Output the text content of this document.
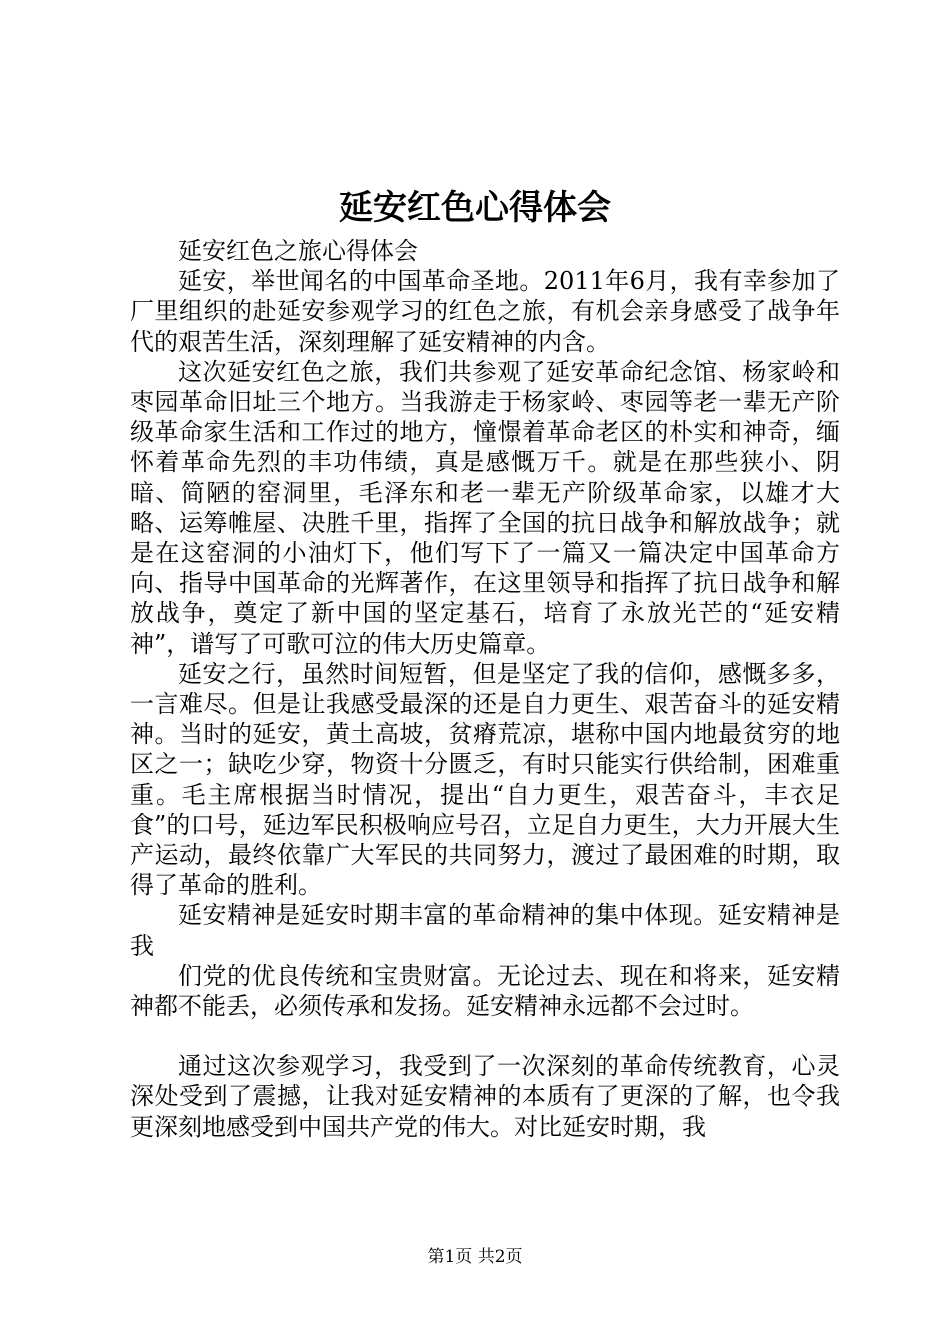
延安红色心得体会

延安红色之旅心得体会

延安，举世闻名的中国革命圣地。2011年6月，我有幸参加了厂里组织的赴延安参观学习的红色之旅，有机会亲身感受了战争年代的艰苦生活，深刻理解了延安精神的内含。

这次延安红色之旅，我们共参观了延安革命纪念馆、杨家岭和枣园革命旧址三个地方。当我游走于杨家岭、枣园等老一辈无产阶级革命家生活和工作过的地方，憧憬着革命老区的朴实和神奇，缅怀着革命先烈的丰功伟绩，真是感慨万千。就是在那些狭小、阴暗、简陋的窑洞里，毛泽东和老一辈无产阶级革命家，以雄才大略、运筹帷屋、决胜千里，指挥了全国的抗日战争和解放战争；就是在这窑洞的小油灯下，他们写下了一篇又一篇决定中国革命方向、指导中国革命的光辉著作，在这里领导和指挥了抗日战争和解放战争，奠定了新中国的坚定基石，培育了永放光芒的“延安精神”，谱写了可歌可泣的伟大历史篇章。

延安之行，虽然时间短暂，但是坚定了我的信仰，感慨多多，一言难尽。但是让我感受最深的还是自力更生、艰苦奋斗的延安精神。当时的延安，黄土高坡，贫瘠荒凉，堪称中国内地最贫穷的地区之一；缺吃少穿，物资十分匮乏，有时只能实行供给制，困难重重。毛主席根据当时情况，提出“自力更生，艰苦奋斗，丰衣足食”的口号，延边军民积极响应号召，立足自力更生，大力开展大生产运动，最终依靠广大军民的共同努力，渡过了最困难的时期，取得了革命的胜利。

延安精神是延安时期丰富的革命精神的集中体现。延安精神是我

们党的优良传统和宝贵财富。无论过去、现在和将来，延安精神都不能丢，必须传承和发扬。延安精神永远都不会过时。

通过这次参观学习，我受到了一次深刻的革命传统教育，心灵深处受到了震撼，让我对延安精神的本质有了更深的了解，也令我更深刻地感受到中国共产党的伟大。对比延安时期，我

第1页 共2页
